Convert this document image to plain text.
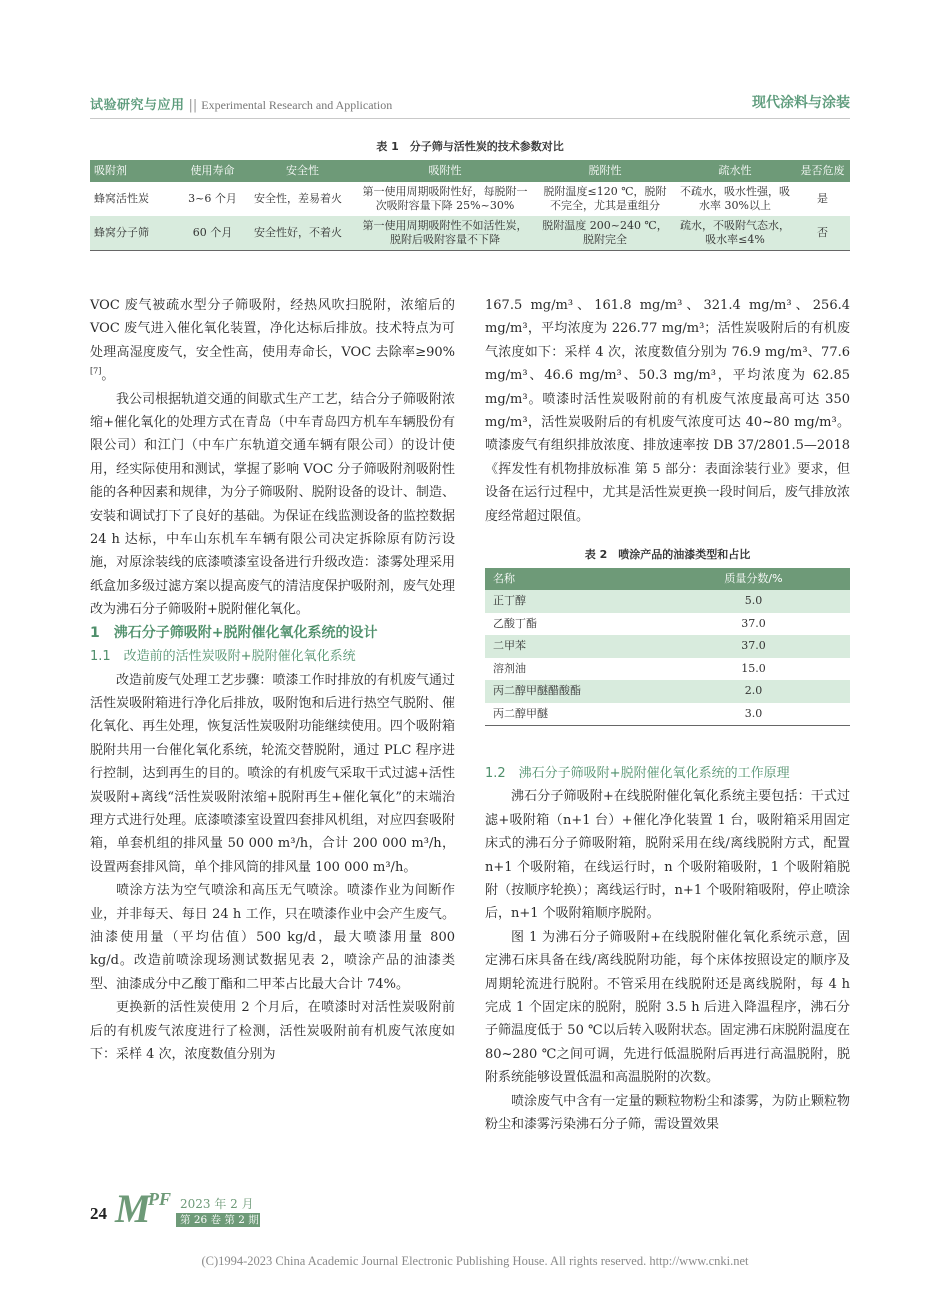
试验研究与应用 || Experimental Research and Application	现代涂料与涂装
表 1　分子筛与活性炭的技术参数对比
吸附剂	使用寿命	安全性	吸附性	脱附性	疏水性	是否危废
蜂窝活性炭	3~6 个月	安全性，差易着火	第一使用周期吸附性好，每脱附一次吸附容量下降 25%~30%	脱附温度≤120 ℃，脱附不完全，尤其是重组分	不疏水，吸水性强，吸水率 30%以上	是
蜂窝分子筛	60 个月	安全性好，不着火	第一使用周期吸附性不如活性炭，脱附后吸附容量不下降	脱附温度 200~240 ℃，脱附完全	疏水，不吸附气态水，吸水率≤4%	否

VOC 废气被疏水型分子筛吸附，经热风吹扫脱附，浓缩后的 VOC 废气进入催化氧化装置，净化达标后排放。技术特点为可处理高湿度废气，安全性高，使用寿命长，VOC 去除率≥90%[7]。

我公司根据轨道交通的间歇式生产工艺，结合分子筛吸附浓缩+催化氧化的处理方式在青岛（中车青岛四方机车车辆股份有限公司）和江门（中车广东轨道交通车辆有限公司）的设计使用，经实际使用和测试，掌握了影响 VOC 分子筛吸附剂吸附性能的各种因素和规律，为分子筛吸附、脱附设备的设计、制造、安装和调试打下了良好的基础。为保证在线监测设备的监控数据 24 h 达标，中车山东机车车辆有限公司决定拆除原有防污设施，对原涂装线的底漆喷漆室设备进行升级改造：漆雾处理采用纸盒加多级过滤方案以提高废气的清洁度保护吸附剂，废气处理改为沸石分子筛吸附+脱附催化氧化。

1　沸石分子筛吸附+脱附催化氧化系统的设计

1.1　改造前的活性炭吸附+脱附催化氧化系统

改造前废气处理工艺步骤：喷漆工作时排放的有机废气通过活性炭吸附箱进行净化后排放，吸附饱和后进行热空气脱附、催化氧化、再生处理，恢复活性炭吸附功能继续使用。四个吸附箱脱附共用一台催化氧化系统，轮流交替脱附，通过 PLC 程序进行控制，达到再生的目的。喷涂的有机废气采取干式过滤+活性炭吸附+离线“活性炭吸附浓缩+脱附再生+催化氧化”的末端治理方式进行处理。底漆喷漆室设置四套排风机组，对应四套吸附箱，单套机组的排风量 50 000 m³/h，合计 200 000 m³/h，设置两套排风筒，单个排风筒的排风量 100 000 m³/h。

喷涂方法为空气喷涂和高压无气喷涂。喷漆作业为间断作业，并非每天、每日 24 h 工作，只在喷漆作业中会产生废气。油漆使用量（平均估值）500 kg/d，最大喷漆用量 800 kg/d。改造前喷涂现场测试数据见表 2，喷涂产品的油漆类型、油漆成分中乙酸丁酯和二甲苯占比最大合计 74%。

更换新的活性炭使用 2 个月后，在喷漆时对活性炭吸附前后的有机废气浓度进行了检测，活性炭吸附前有机废气浓度如下：采样 4 次，浓度数值分别为

167.5 mg/m³、161.8 mg/m³、321.4 mg/m³、256.4 mg/m³，平均浓度为 226.77 mg/m³；活性炭吸附后的有机废气浓度如下：采样 4 次，浓度数值分别为 76.9 mg/m³、77.6 mg/m³、46.6 mg/m³、50.3 mg/m³，平均浓度为 62.85 mg/m³。喷漆时活性炭吸附前的有机废气浓度最高可达 350 mg/m³，活性炭吸附后的有机废气浓度可达 40~80 mg/m³。喷漆废气有组织排放浓度、排放速率按 DB 37/2801.5—2018《挥发性有机物排放标准 第 5 部分：表面涂装行业》要求，但设备在运行过程中，尤其是活性炭更换一段时间后，废气排放浓度经常超过限值。

表 2　喷涂产品的油漆类型和占比
名称	质量分数/%
正丁醇	5.0
乙酸丁酯	37.0
二甲苯	37.0
溶剂油	15.0
丙二醇甲醚醋酸酯	2.0
丙二醇甲醚	3.0

1.2　沸石分子筛吸附+脱附催化氧化系统的工作原理

沸石分子筛吸附+在线脱附催化氧化系统主要包括：干式过滤+吸附箱（n+1 台）+催化净化装置 1 台，吸附箱采用固定床式的沸石分子筛吸附箱，脱附采用在线/离线脱附方式，配置 n+1 个吸附箱，在线运行时，n 个吸附箱吸附，1 个吸附箱脱附（按顺序轮换）；离线运行时，n+1 个吸附箱吸附，停止喷涂后，n+1 个吸附箱顺序脱附。

图 1 为沸石分子筛吸附+在线脱附催化氧化系统示意，固定沸石床具备在线/离线脱附功能，每个床体按照设定的顺序及周期轮流进行脱附。不管采用在线脱附还是离线脱附，每 4 h 完成 1 个固定床的脱附，脱附 3.5 h 后进入降温程序，沸石分子筛温度低于 50 ℃以后转入吸附状态。固定沸石床脱附温度在 80~280 ℃之间可调，先进行低温脱附后再进行高温脱附，脱附系统能够设置低温和高温脱附的次数。

喷涂废气中含有一定量的颗粒物粉尘和漆雾，为防止颗粒物粉尘和漆雾污染沸石分子筛，需设置效果

24 M
PF 2023 年 2 月
第 26 卷 第 2 期
(C)1994-2023 China Academic Journal Electronic Publishing House. All rights reserved. http://www.cnki.net
